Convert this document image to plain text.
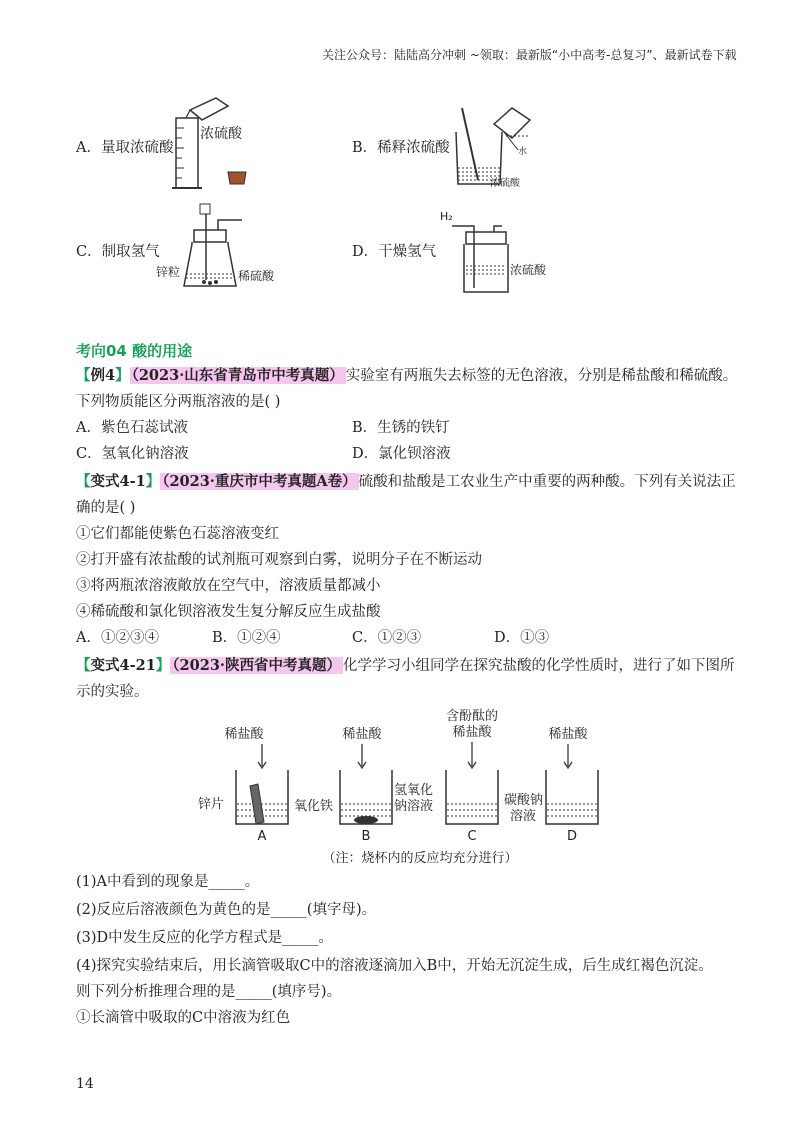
关注公众号：陆陆高分冲刺 ~领取：最新版“小中高考-总复习”、最新试卷下载
A．量取浓硫酸	B．稀释浓硫酸
C．制取氢气	D．干燥氢气
浓硫酸
水
浓硫酸
锌粒	稀硫酸
H₂
浓硫酸
考向04 酸的用途
【例4】 （2023·山东省青岛市中考真题） 实验室有两瓶失去标签的无色溶液，分别是稀盐酸和稀硫酸。
下列物质能区分两瓶溶液的是( )
A．紫色石蕊试液	B．生锈的铁钉
C．氢氧化钠溶液	D．氯化钡溶液
【变式4-1】 （2023·重庆市中考真题A卷） 硫酸和盐酸是工农业生产中重要的两种酸。下列有关说法正
确的是( )
①它们都能使紫色石蕊溶液变红
②打开盛有浓盐酸的试剂瓶可观察到白雾，说明分子在不断运动
③将两瓶浓溶液敞放在空气中，溶液质量都减小
④稀硫酸和氯化钡溶液发生复分解反应生成盐酸
A．①②③④	B．①②④	C．①②③	D．①③
【变式4-21】 （2023·陕西省中考真题） 化学学习小组同学在探究盐酸的化学性质时，进行了如下图所
示的实验。
稀盐酸	稀盐酸
含酚酞的
稀盐酸	稀盐酸
锌片	氧化铁
氢氧化
钠溶液	碳酸钠
溶液
A	B	C	D
（注：烧杯内的反应均充分进行）
(1)A中看到的现象是_____。
(2)反应后溶液颜色为黄色的是_____(填字母)。
(3)D中发生反应的化学方程式是_____。
(4)探究实验结束后，用长滴管吸取C中的溶液逐滴加入B中，开始无沉淀生成，后生成红褐色沉淀。
则下列分析推理合理的是_____(填序号)。
①长滴管中吸取的C中溶液为红色
14
